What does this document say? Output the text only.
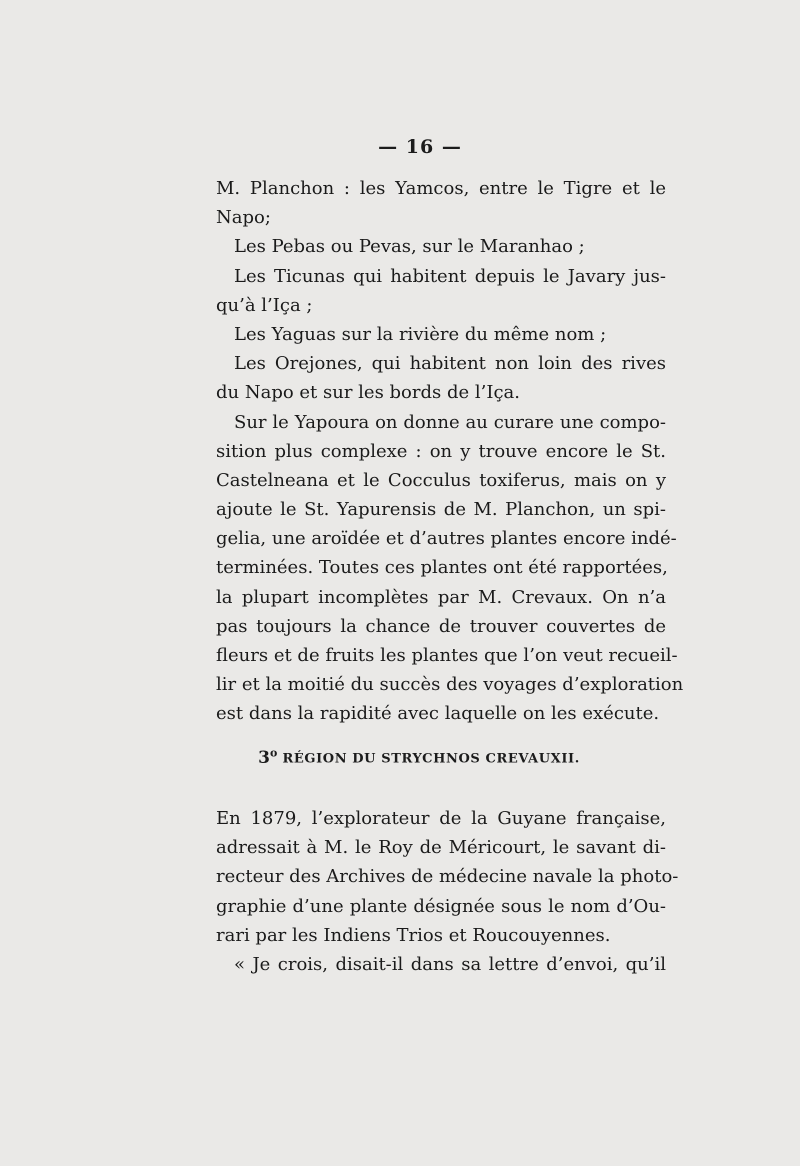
— 16 —
M. Planchon : les Yamcos, entre le Tigre et le
Napo;
Les Pebas ou Pevas, sur le Maranhao ;
Les Ticunas qui habitent depuis le Javary jus-
qu’à l’Iça ;
Les Yaguas sur la rivière du même nom ;
Les Orejones, qui habitent non loin des rives
du Napo et sur les bords de l’Iça.
Sur le Yapoura on donne au curare une compo-
sition plus complexe : on y trouve encore le St.
Castelneana et le Cocculus toxiferus, mais on y
ajoute le St. Yapurensis de M. Planchon, un spi-
gelia, une aroïdée et d’autres plantes encore indé-
terminées. Toutes ces plantes ont été rapportées,
la plupart incomplètes par M. Crevaux. On n’a
pas toujours la chance de trouver couvertes de
fleurs et de fruits les plantes que l’on veut recueil-
lir et la moitié du succès des voyages d’exploration
est dans la rapidité avec laquelle on les exécute.
3$^o$ RÉGION DU STRYCHNOS CREVAUXII.
En 1879, l’explorateur de la Guyane française,
adressait à M. le Roy de Méricourt, le savant di-
recteur des Archives de médecine navale la photo-
graphie d’une plante désignée sous le nom d’Ou-
rari par les Indiens Trios et Roucouyennes.
« Je crois, disait-il dans sa lettre d’envoi, qu’il
